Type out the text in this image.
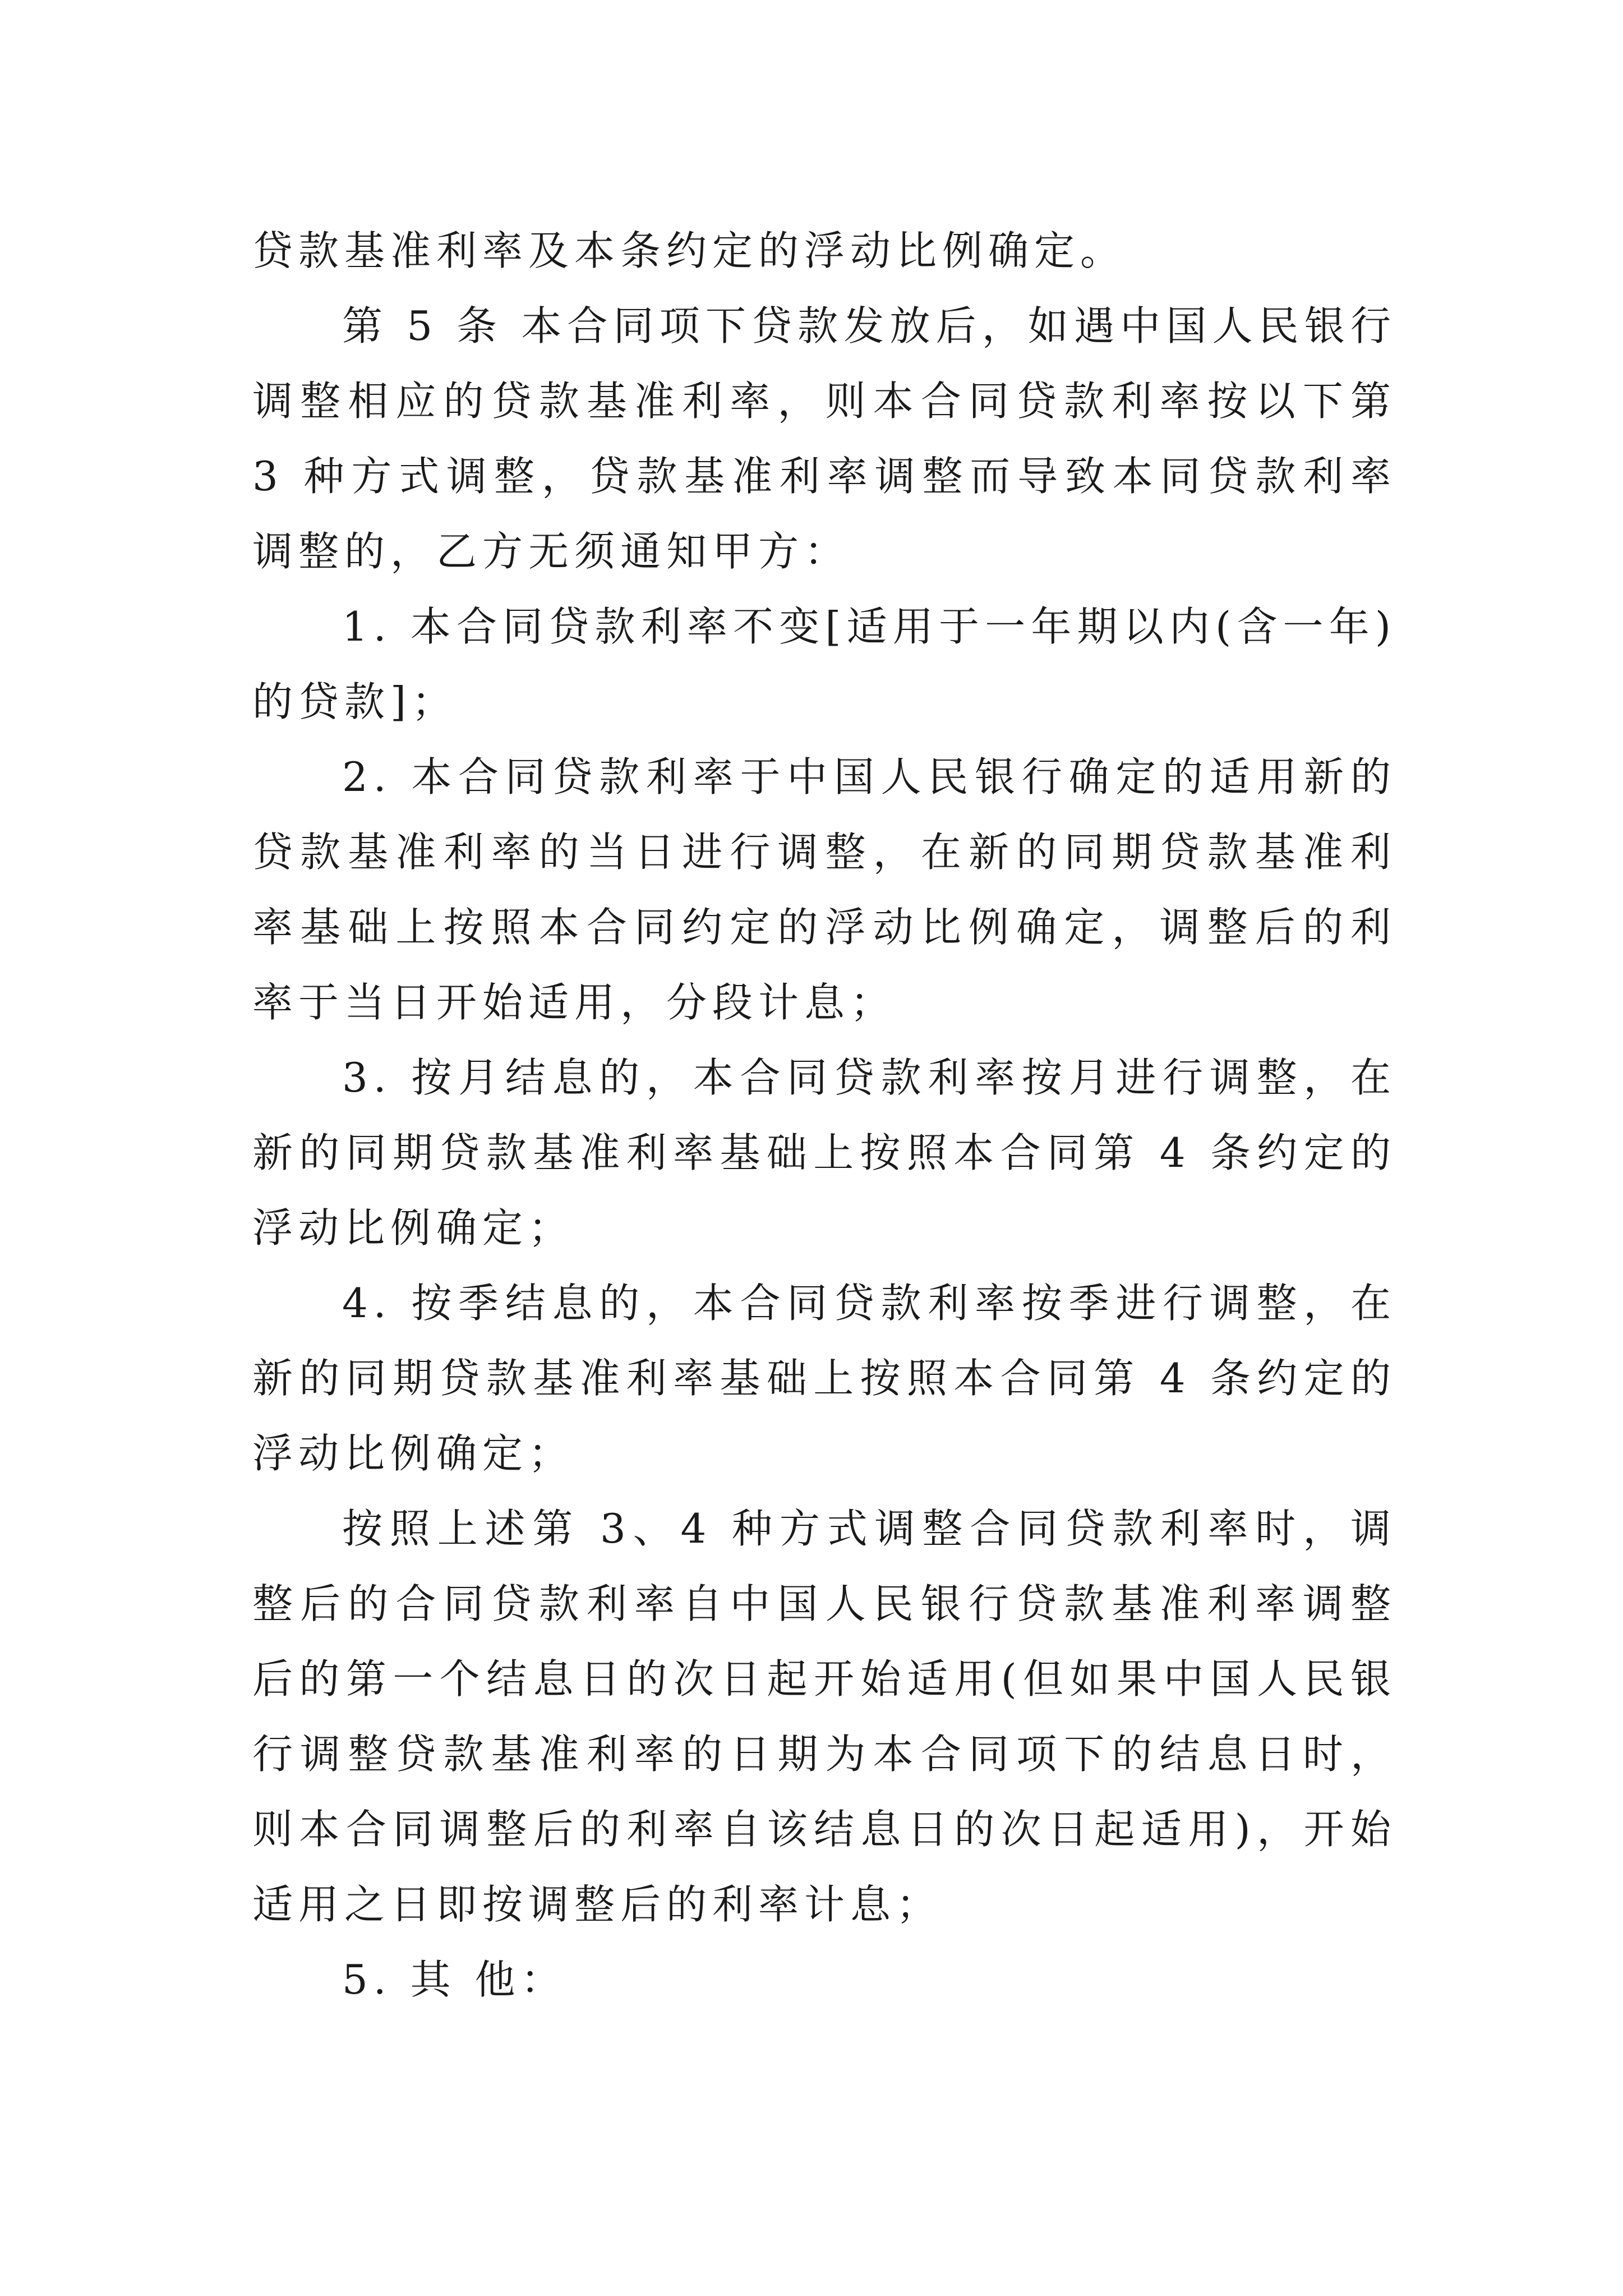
贷款基准利率及本条约定的浮动比例确定。

第 5 条 本合同项下贷款发放后，如遇中国人民银行调整相应的贷款基准利率，则本合同贷款利率按以下第 3 种方式调整，贷款基准利率调整而导致本同贷款利率调整的，乙方无须通知甲方：

1. 本合同贷款利率不变[适用于一年期以内(含一年)的贷款]；

2. 本合同贷款利率于中国人民银行确定的适用新的贷款基准利率的当日进行调整，在新的同期贷款基准利率基础上按照本合同约定的浮动比例确定，调整后的利率于当日开始适用，分段计息；

3. 按月结息的，本合同贷款利率按月进行调整，在新的同期贷款基准利率基础上按照本合同第 4 条约定的浮动比例确定；

4. 按季结息的，本合同贷款利率按季进行调整，在新的同期贷款基准利率基础上按照本合同第 4 条约定的浮动比例确定；

按照上述第 3、4 种方式调整合同贷款利率时，调整后的合同贷款利率自中国人民银行贷款基准利率调整后的第一个结息日的次日起开始适用(但如果中国人民银行调整贷款基准利率的日期为本合同项下的结息日时，则本合同调整后的利率自该结息日的次日起适用)，开始适用之日即按调整后的利率计息；

5. 其 他：
